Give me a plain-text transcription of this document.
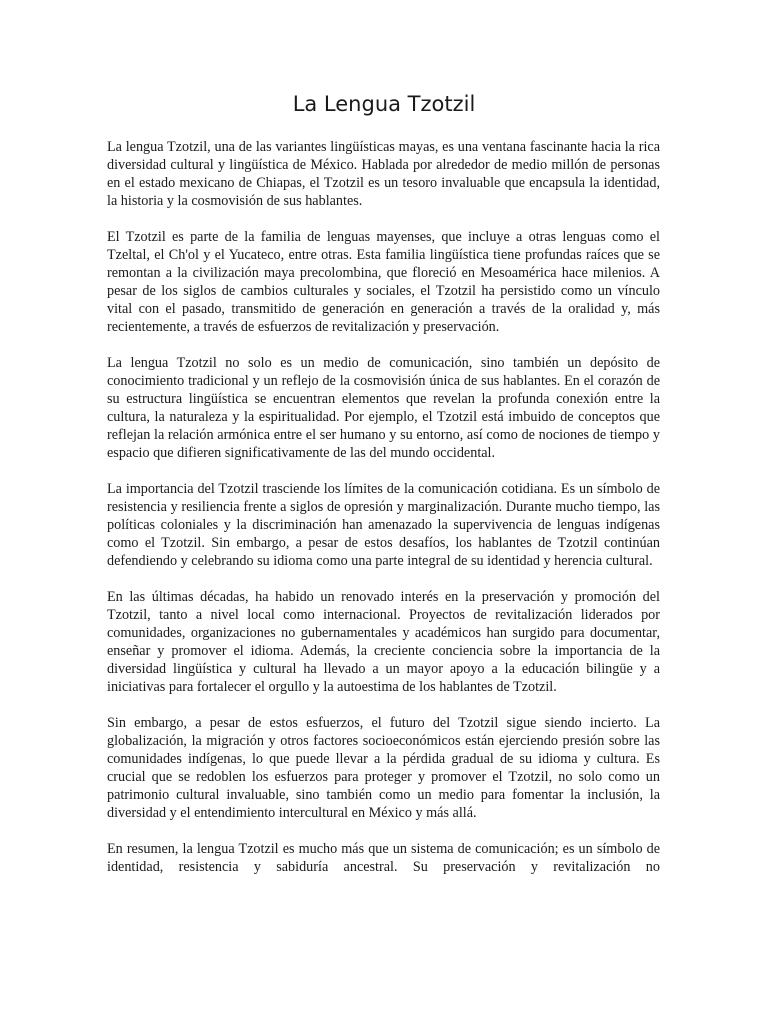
La Lengua Tzotzil

La lengua Tzotzil, una de las variantes lingüísticas mayas, es una ventana fascinante hacia la rica diversidad cultural y lingüística de México. Hablada por alrededor de medio millón de personas en el estado mexicano de Chiapas, el Tzotzil es un tesoro invaluable que encapsula la identidad, la historia y la cosmovisión de sus hablantes.

El Tzotzil es parte de la familia de lenguas mayenses, que incluye a otras lenguas como el Tzeltal, el Ch'ol y el Yucateco, entre otras. Esta familia lingüística tiene profundas raíces que se remontan a la civilización maya precolombina, que floreció en Mesoamérica hace milenios. A pesar de los siglos de cambios culturales y sociales, el Tzotzil ha persistido como un vínculo vital con el pasado, transmitido de generación en generación a través de la oralidad y, más recientemente, a través de esfuerzos de revitalización y preservación.

La lengua Tzotzil no solo es un medio de comunicación, sino también un depósito de conocimiento tradicional y un reflejo de la cosmovisión única de sus hablantes. En el corazón de su estructura lingüística se encuentran elementos que revelan la profunda conexión entre la cultura, la naturaleza y la espiritualidad. Por ejemplo, el Tzotzil está imbuido de conceptos que reflejan la relación armónica entre el ser humano y su entorno, así como de nociones de tiempo y espacio que difieren significativamente de las del mundo occidental.

La importancia del Tzotzil trasciende los límites de la comunicación cotidiana. Es un símbolo de resistencia y resiliencia frente a siglos de opresión y marginalización. Durante mucho tiempo, las políticas coloniales y la discriminación han amenazado la supervivencia de lenguas indígenas como el Tzotzil. Sin embargo, a pesar de estos desafíos, los hablantes de Tzotzil continúan defendiendo y celebrando su idioma como una parte integral de su identidad y herencia cultural.

En las últimas décadas, ha habido un renovado interés en la preservación y promoción del Tzotzil, tanto a nivel local como internacional. Proyectos de revitalización liderados por comunidades, organizaciones no gubernamentales y académicos han surgido para documentar, enseñar y promover el idioma. Además, la creciente conciencia sobre la importancia de la diversidad lingüística y cultural ha llevado a un mayor apoyo a la educación bilingüe y a iniciativas para fortalecer el orgullo y la autoestima de los hablantes de Tzotzil.

Sin embargo, a pesar de estos esfuerzos, el futuro del Tzotzil sigue siendo incierto. La globalización, la migración y otros factores socioeconómicos están ejerciendo presión sobre las comunidades indígenas, lo que puede llevar a la pérdida gradual de su idioma y cultura. Es crucial que se redoblen los esfuerzos para proteger y promover el Tzotzil, no solo como un patrimonio cultural invaluable, sino también como un medio para fomentar la inclusión, la diversidad y el entendimiento intercultural en México y más allá.

En resumen, la lengua Tzotzil es mucho más que un sistema de comunicación; es un símbolo de identidad, resistencia y sabiduría ancestral. Su preservación y revitalización no
